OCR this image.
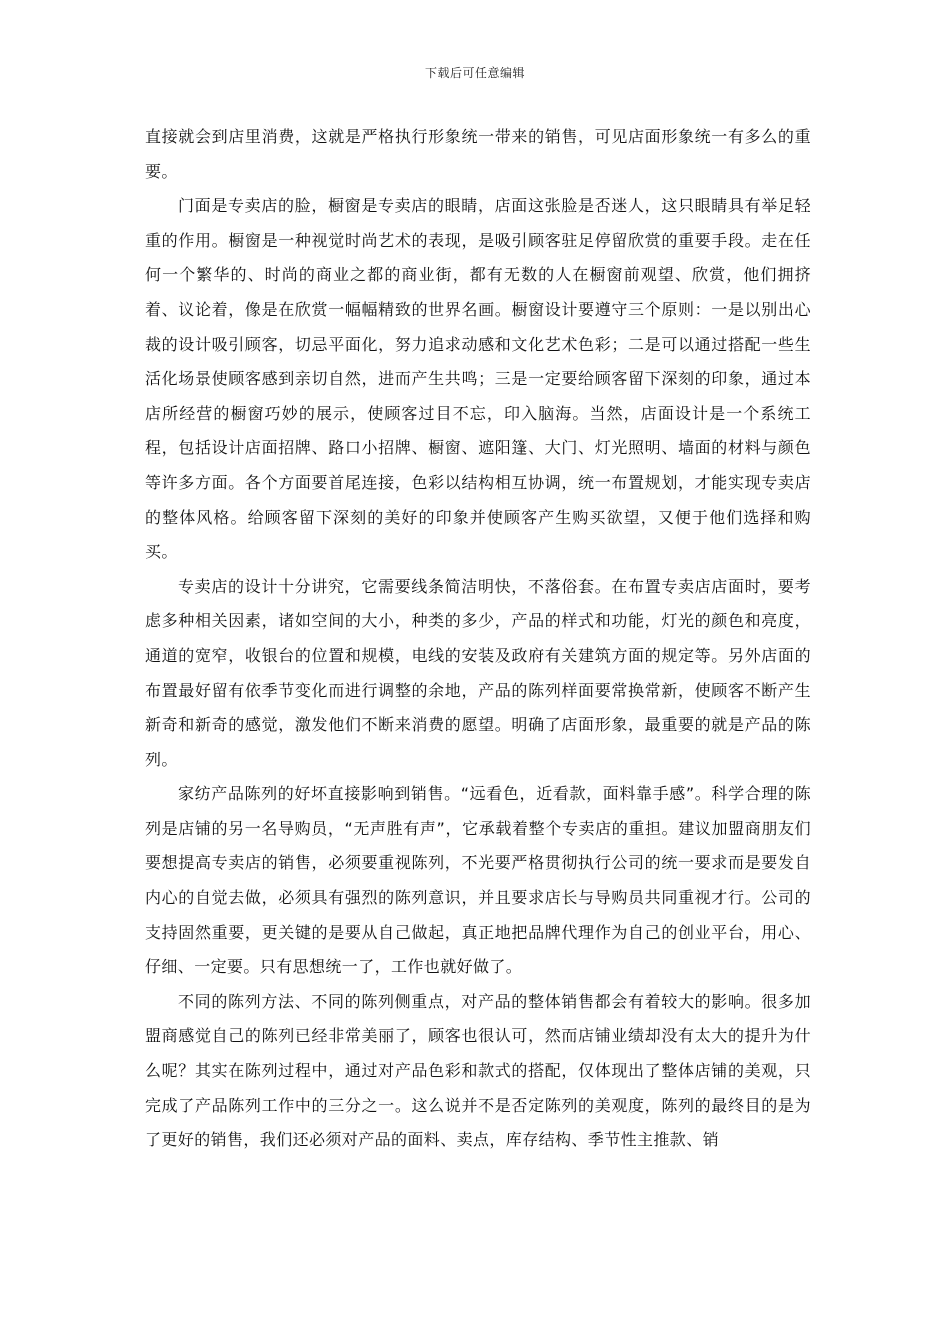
下载后可任意编辑

直接就会到店里消费，这就是严格执行形象统一带来的销售，可见店面形象统一有多么的重要。

门面是专卖店的脸，橱窗是专卖店的眼睛，店面这张脸是否迷人，这只眼睛具有举足轻重的作用。橱窗是一种视觉时尚艺术的表现，是吸引顾客驻足停留欣赏的重要手段。走在任何一个繁华的、时尚的商业之都的商业街，都有无数的人在橱窗前观望、欣赏，他们拥挤着、议论着，像是在欣赏一幅幅精致的世界名画。橱窗设计要遵守三个原则：一是以别出心裁的设计吸引顾客，切忌平面化，努力追求动感和文化艺术色彩；二是可以通过搭配一些生活化场景使顾客感到亲切自然，进而产生共鸣；三是一定要给顾客留下深刻的印象，通过本店所经营的橱窗巧妙的展示，使顾客过目不忘，印入脑海。当然，店面设计是一个系统工程，包括设计店面招牌、路口小招牌、橱窗、遮阳篷、大门、灯光照明、墙面的材料与颜色等许多方面。各个方面要首尾连接，色彩以结构相互协调，统一布置规划，才能实现专卖店的整体风格。给顾客留下深刻的美好的印象并使顾客产生购买欲望，又便于他们选择和购买。

专卖店的设计十分讲究，它需要线条简洁明快，不落俗套。在布置专卖店店面时，要考虑多种相关因素，诸如空间的大小，种类的多少，产品的样式和功能，灯光的颜色和亮度，通道的宽窄，收银台的位置和规模，电线的安装及政府有关建筑方面的规定等。另外店面的布置最好留有依季节变化而进行调整的余地，产品的陈列样面要常换常新，使顾客不断产生新奇和新奇的感觉，激发他们不断来消费的愿望。明确了店面形象，最重要的就是产品的陈列。

家纺产品陈列的好坏直接影响到销售。“远看色，近看款，面料靠手感”。科学合理的陈列是店铺的另一名导购员，“无声胜有声”，它承载着整个专卖店的重担。建议加盟商朋友们要想提高专卖店的销售，必须要重视陈列，不光要严格贯彻执行公司的统一要求而是要发自内心的自觉去做，必须具有强烈的陈列意识，并且要求店长与导购员共同重视才行。公司的支持固然重要，更关键的是要从自己做起，真正地把品牌代理作为自己的创业平台，用心、仔细、一定要。只有思想统一了，工作也就好做了。

不同的陈列方法、不同的陈列侧重点，对产品的整体销售都会有着较大的影响。很多加盟商感觉自己的陈列已经非常美丽了，顾客也很认可，然而店铺业绩却没有太大的提升为什么呢？其实在陈列过程中，通过对产品色彩和款式的搭配，仅体现出了整体店铺的美观，只完成了产品陈列工作中的三分之一。这么说并不是否定陈列的美观度，陈列的最终目的是为了更好的销售，我们还必须对产品的面料、卖点，库存结构、季节性主推款、销
